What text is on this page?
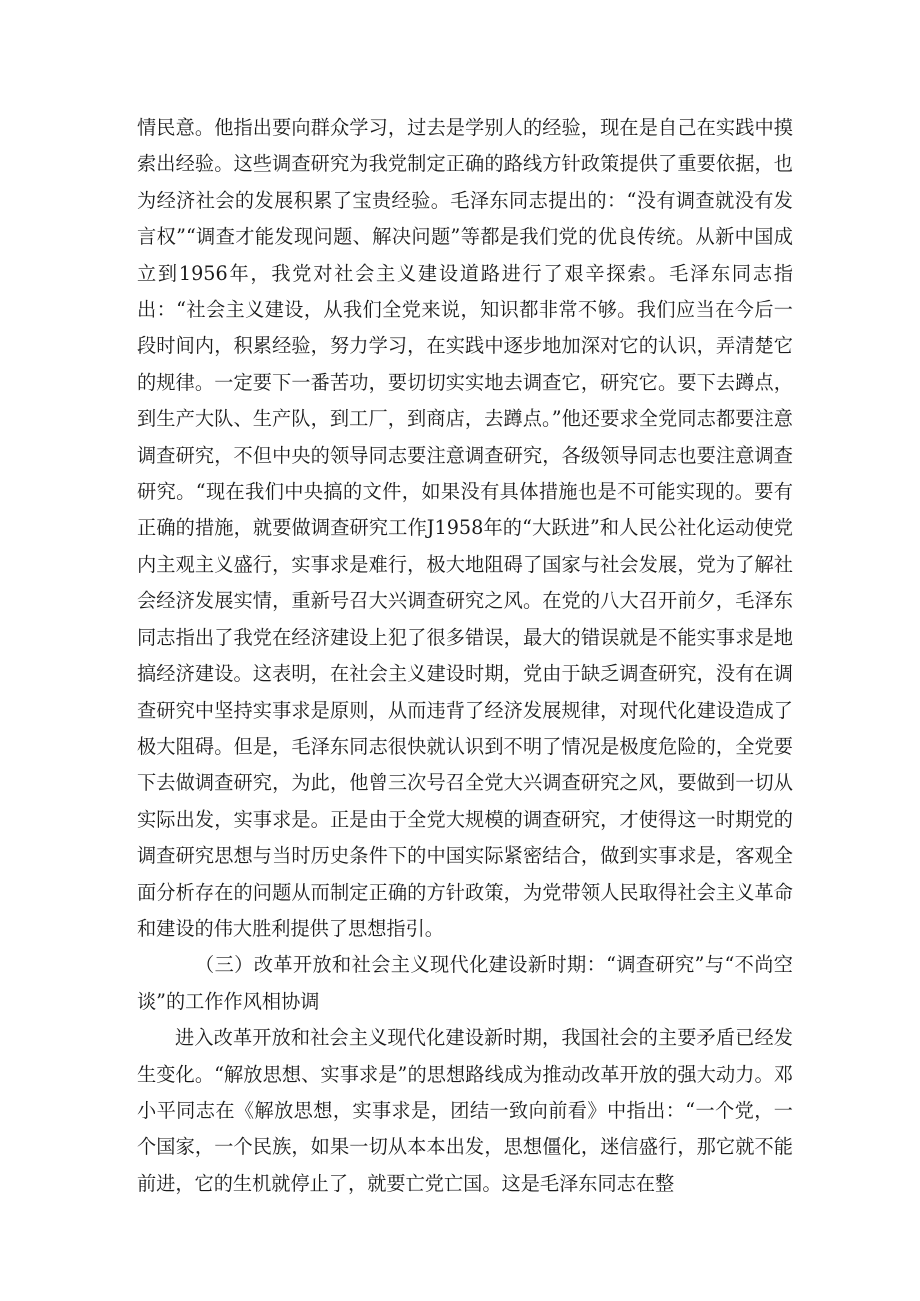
情民意。他指出要向群众学习，过去是学别人的经验，现在是自己在实践中摸索出经验。这些调查研究为我党制定正确的路线方针政策提供了重要依据，也为经济社会的发展积累了宝贵经验。毛泽东同志提出的：“没有调查就没有发言权”“调查才能发现问题、解决问题”等都是我们党的优良传统。从新中国成立到1956年，我党对社会主义建设道路进行了艰辛探索。毛泽东同志指出：“社会主义建设，从我们全党来说，知识都非常不够。我们应当在今后一段时间内，积累经验，努力学习，在实践中逐步地加深对它的认识，弄清楚它的规律。一定要下一番苦功，要切切实实地去调查它，研究它。要下去蹲点，到生产大队、生产队，到工厂，到商店，去蹲点。”他还要求全党同志都要注意调查研究，不但中央的领导同志要注意调查研究，各级领导同志也要注意调查研究。“现在我们中央搞的文件，如果没有具体措施也是不可能实现的。要有正确的措施，就要做调查研究工作J1958年的“大跃进”和人民公社化运动使党内主观主义盛行，实事求是难行，极大地阻碍了国家与社会发展，党为了解社会经济发展实情，重新号召大兴调查研究之风。在党的八大召开前夕，毛泽东同志指出了我党在经济建设上犯了很多错误，最大的错误就是不能实事求是地搞经济建设。这表明，在社会主义建设时期，党由于缺乏调查研究，没有在调查研究中坚持实事求是原则，从而违背了经济发展规律，对现代化建设造成了极大阻碍。但是，毛泽东同志很快就认识到不明了情况是极度危险的，全党要下去做调查研究，为此，他曾三次号召全党大兴调查研究之风，要做到一切从实际出发，实事求是。正是由于全党大规模的调查研究，才使得这一时期党的调查研究思想与当时历史条件下的中国实际紧密结合，做到实事求是，客观全面分析存在的问题从而制定正确的方针政策，为党带领人民取得社会主义革命和建设的伟大胜利提供了思想指引。

（三）改革开放和社会主义现代化建设新时期：“调查研究”与“不尚空谈”的工作作风相协调

进入改革开放和社会主义现代化建设新时期，我国社会的主要矛盾已经发生变化。“解放思想、实事求是”的思想路线成为推动改革开放的强大动力。邓小平同志在《解放思想，实事求是，团结一致向前看》中指出：“一个党，一个国家，一个民族，如果一切从本本出发，思想僵化，迷信盛行，那它就不能前进，它的生机就停止了，就要亡党亡国。这是毛泽东同志在整
